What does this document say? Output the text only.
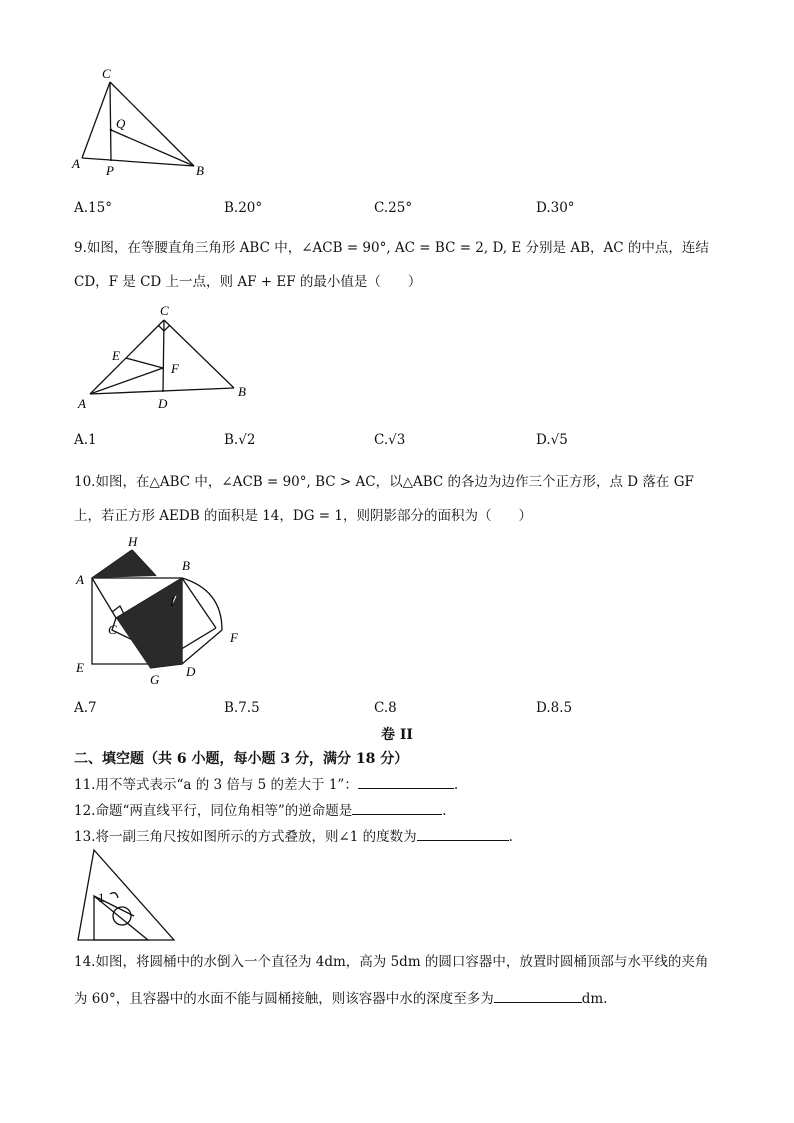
C
Q
A P	B
A.15°	B.20°	C.25°	D.30°
9.如图，在等腰直角三角形 ABC 中，∠ACB = 90°, AC = BC = 2, D, E 分别是 AB，AC 的中点，连结
CD，F 是 CD 上一点，则 AF + EF 的最小值是（　　）
C
E
F
A	D
B
A.1	B.√2	C.√3	D.√5
10.如图，在△ABC 中，∠ACB = 90°, BC > AC，以△ABC 的各边为边作三个正方形，点 D 落在 GF
上，若正方形 AEDB 的面积是 14，DG = 1，则阴影部分的面积为（　　）
H
A
B
I
C
F
E
G
D
A.7	B.7.5	C.8	D.8.5
卷 II
二、填空题（共 6 小题，每小题 3 分，满分 18 分）
11.用不等式表示“a 的 3 倍与 5 的差大于 1”：	.
12.命题“两直线平行，同位角相等”的逆命题是	.
13.将一副三角尺按如图所示的方式叠放，则∠1 的度数为	.
1
14.如图，将圆桶中的水倒入一个直径为 4dm，高为 5dm 的圆口容器中，放置时圆桶顶部与水平线的夹角
为 60°，且容器中的水面不能与圆桶接触，则该容器中水的深度至多为	dm.
